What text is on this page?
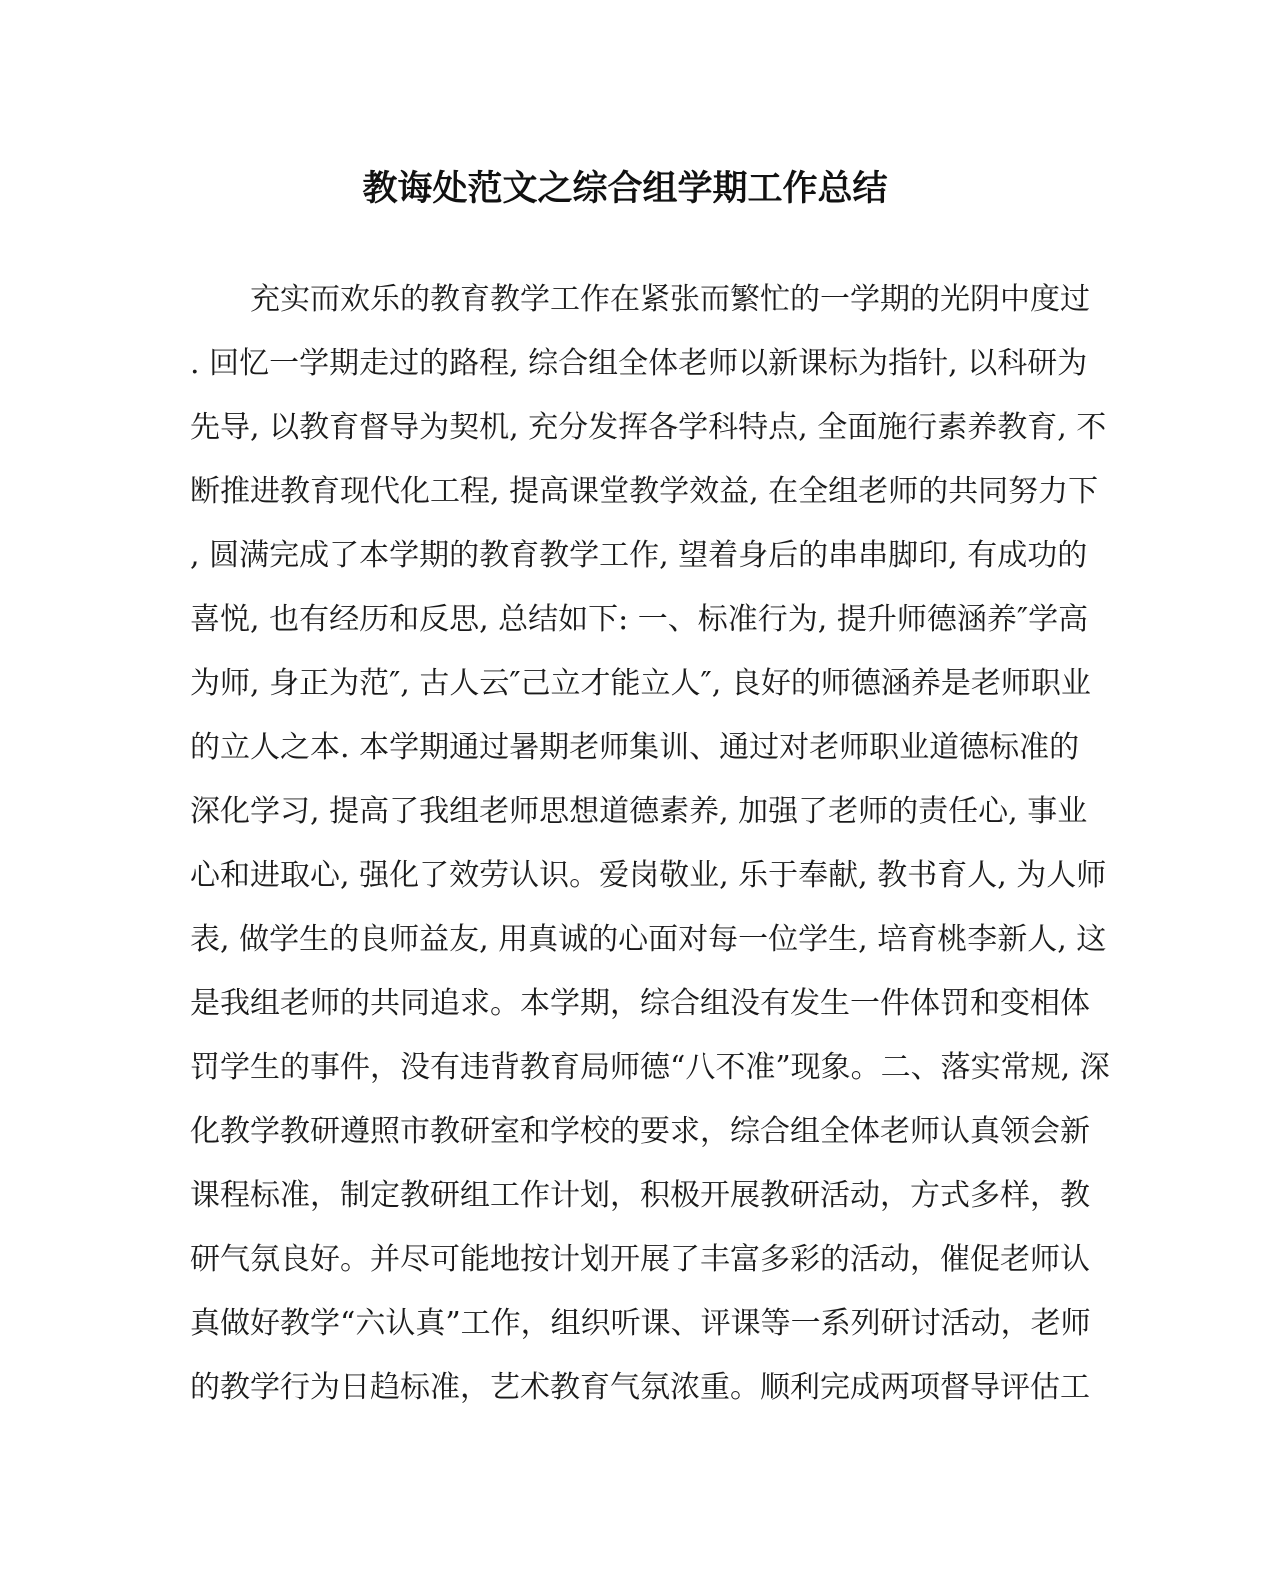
教诲处范文之综合组学期工作总结
充实而欢乐的教育教学工作在紧张而繁忙的一学期的光阴中度过
. 回忆一学期走过的路程, 综合组全体老师以新课标为指针, 以科研为
先导, 以教育督导为契机, 充分发挥各学科特点, 全面施行素养教育, 不
断推进教育现代化工程, 提高课堂教学效益, 在全组老师的共同努力下
, 圆满完成了本学期的教育教学工作, 望着身后的串串脚印, 有成功的
喜悦, 也有经历和反思, 总结如下: 一、标准行为, 提升师德涵养″学高
为师, 身正为范″, 古人云″己立才能立人″, 良好的师德涵养是老师职业
的立人之本. 本学期通过暑期老师集训、通过对老师职业道德标准的
深化学习, 提高了我组老师思想道德素养, 加强了老师的责任心, 事业
心和进取心, 强化了效劳认识。爱岗敬业, 乐于奉献, 教书育人, 为人师
表, 做学生的良师益友, 用真诚的心面对每一位学生, 培育桃李新人, 这
是我组老师的共同追求。本学期，综合组没有发生一件体罚和变相体
罚学生的事件，没有违背教育局师德“八不准”现象。二、落实常规, 深
化教学教研遵照市教研室和学校的要求，综合组全体老师认真领会新
课程标准，制定教研组工作计划，积极开展教研活动，方式多样，教
研气氛良好。并尽可能地按计划开展了丰富多彩的活动，催促老师认
真做好教学“六认真”工作，组织听课、评课等一系列研讨活动，老师
的教学行为日趋标准，艺术教育气氛浓重。顺利完成两项督导评估工
